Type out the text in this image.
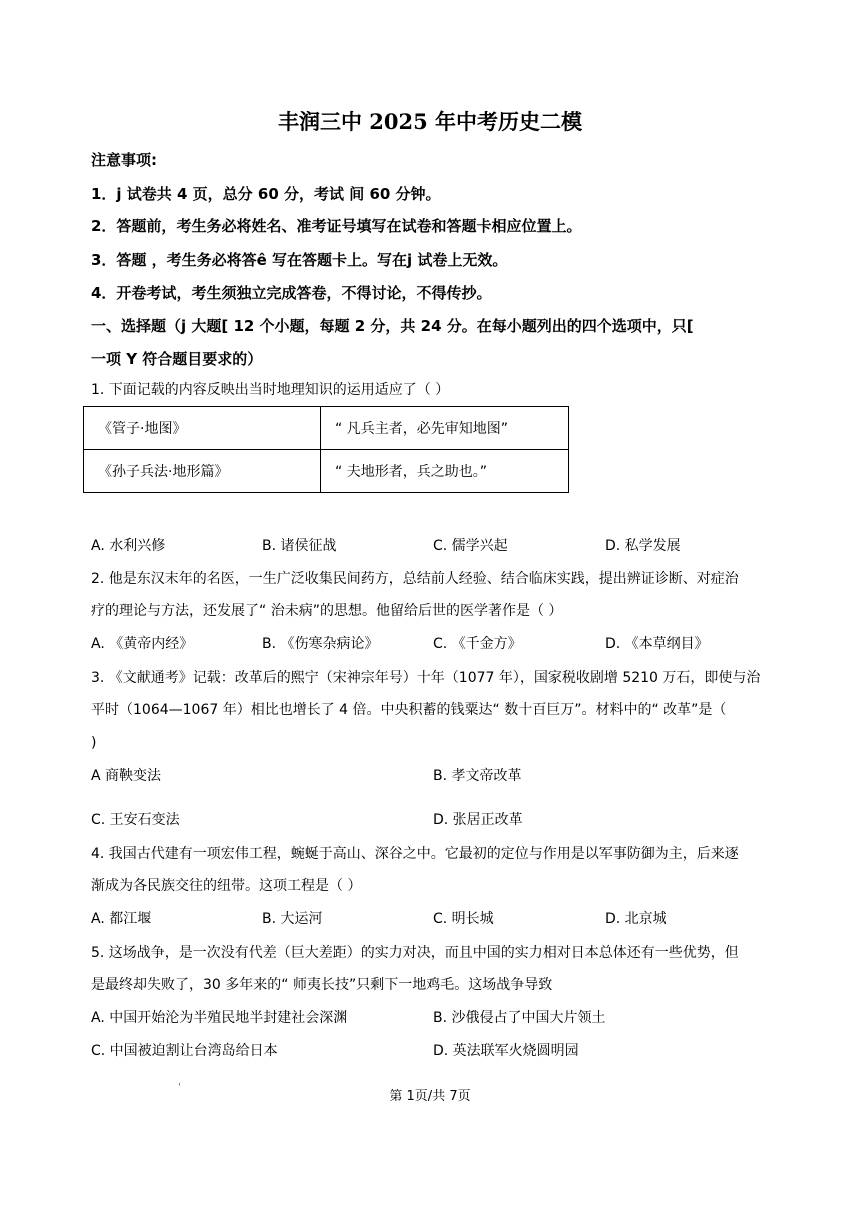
丰润三中 2025 年中考历史二模
注意事项:
1．j 试卷共 4 页，总分 60 分，考试 间 60 分钟。
2．答题前，考生务必将姓名、准考证号填写在试卷和答题卡相应位置上。
3．答题 ，考生务必将答ê 写在答题卡上。写在j 试卷上无效。
4．开卷考试，考生须独立完成答卷，不得讨论，不得传抄。
一、选择题（j 大题[ 12 个小题，每题 2 分，共 24 分。在每小题列出的四个选项中，只[
一项 Y 符合题目要求的）
1. 下面记载的内容反映出当时地理知识的运用适应了（ ）
《管子·地图》	“ 凡兵主者，必先审知地图”
《孙子兵法·地形篇》	“ 夫地形者，兵之助也。”
A. 水利兴修	B. 诸侯征战	C. 儒学兴起	D. 私学发展
2. 他是东汉末年的名医，一生广泛收集民间药方，总结前人经验、结合临床实践，提出辨证诊断、对症治
疗的理论与方法，还发展了“ 治未病”的思想。他留给后世的医学著作是（ ）
A. 《黄帝内经》	B. 《伤寒杂病论》	C. 《千金方》	D. 《本草纲目》
3. 《文献通考》记载：改革后的熙宁（宋神宗年号）十年（1077 年），国家税收剧增 5210 万石，即使与治
平时（1064—1067 年）相比也增长了 4 倍。中央积蓄的钱粟达“ 数十百巨万”。材料中的“ 改革”是（
)
A 商鞅变法	B. 孝文帝改革
C. 王安石变法	D. 张居正改革
4. 我国古代建有一项宏伟工程，蜿蜒于高山、深谷之中。它最初的定位与作用是以军事防御为主，后来逐
渐成为各民族交往的纽带。这项工程是（ ）
A. 都江堰	B. 大运河	C. 明长城	D. 北京城
5. 这场战争，是一次没有代差（巨大差距）的实力对决，而且中国的实力相对日本总体还有一些优势，但
是最终却失败了，30 多年来的“ 师夷长技”只剩下一地鸡毛。这场战争导致
A. 中国开始沦为半殖民地半封建社会深渊	B. 沙俄侵占了中国大片领土
C. 中国被迫割让台湾岛给日本	D. 英法联军火烧圆明园
'
第 1页/共 7页
